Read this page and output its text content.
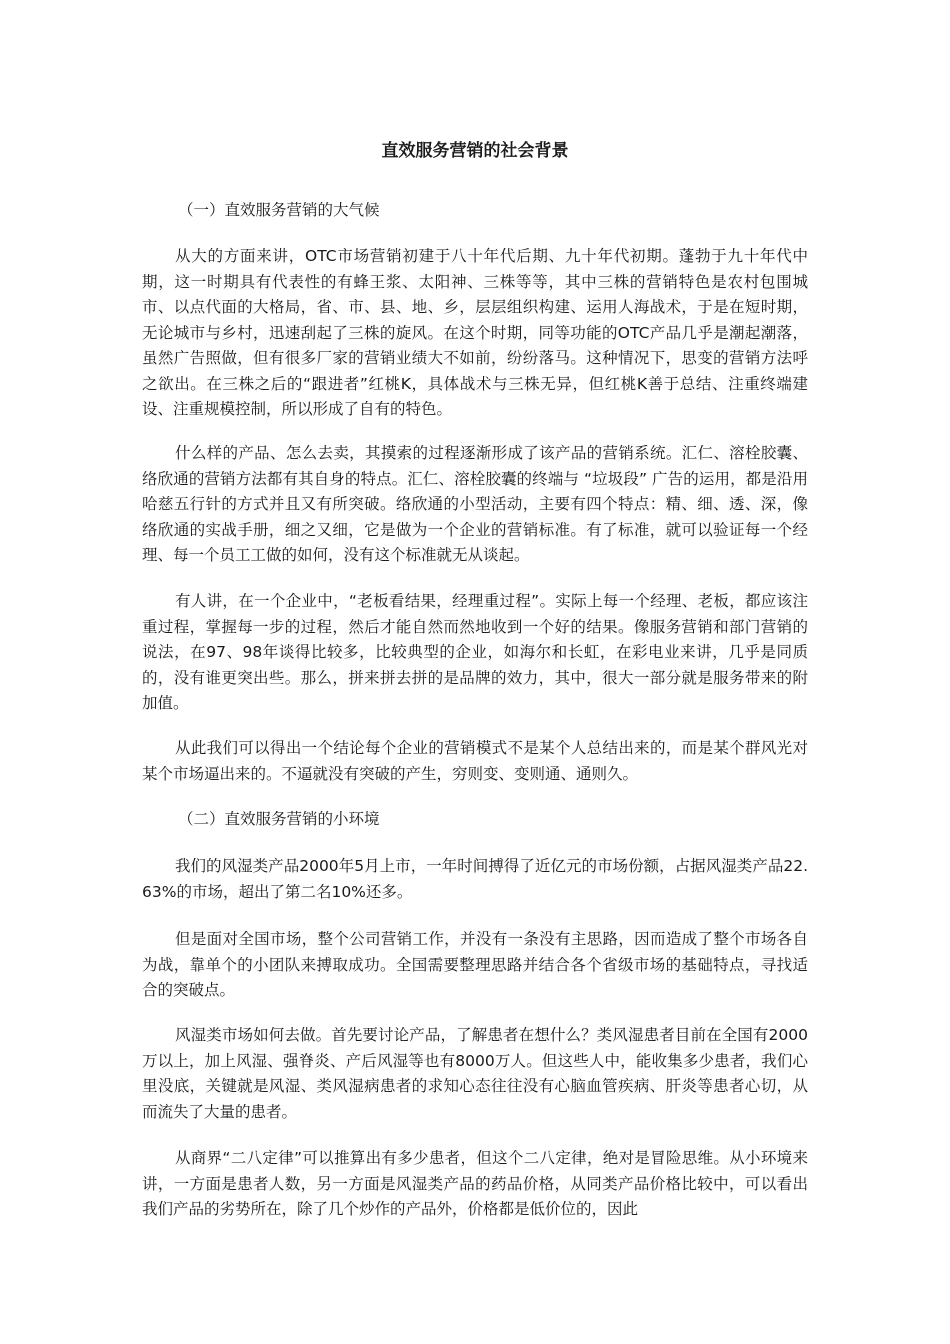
直效服务营销的社会背景

（一）直效服务营销的大气候

从大的方面来讲，OTC市场营销初建于八十年代后期、九十年代初期。蓬勃于九十年代中期，这一时期具有代表性的有蜂王浆、太阳神、三株等等，其中三株的营销特色是农村包围城市、以点代面的大格局，省、市、县、地、乡，层层组织构建、运用人海战术，于是在短时期，无论城市与乡村，迅速刮起了三株的旋风。在这个时期，同等功能的OTC产品几乎是潮起潮落，虽然广告照做，但有很多厂家的营销业绩大不如前，纷纷落马。这种情况下，思变的营销方法呼之欲出。在三株之后的“跟进者”红桃K，具体战术与三株无异，但红桃K善于总结、注重终端建设、注重规模控制，所以形成了自有的特色。

什么样的产品、怎么去卖，其摸索的过程逐渐形成了该产品的营销系统。汇仁、溶栓胶囊、络欣通的营销方法都有其自身的特点。汇仁、溶栓胶囊的终端与 “垃圾段” 广告的运用，都是沿用哈慈五行针的方式并且又有所突破。络欣通的小型活动，主要有四个特点：精、细、透、深，像络欣通的实战手册，细之又细，它是做为一个企业的营销标准。有了标准，就可以验证每一个经理、每一个员工工做的如何，没有这个标准就无从谈起。

有人讲，在一个企业中，“老板看结果，经理重过程”。实际上每一个经理、老板，都应该注重过程，掌握每一步的过程，然后才能自然而然地收到一个好的结果。像服务营销和部门营销的说法，在97、98年谈得比较多，比较典型的企业，如海尔和长虹，在彩电业来讲，几乎是同质的，没有谁更突出些。那么，拼来拼去拼的是品牌的效力，其中，很大一部分就是服务带来的附加值。

从此我们可以得出一个结论每个企业的营销模式不是某个人总结出来的，而是某个群风光对某个市场逼出来的。不逼就没有突破的产生，穷则变、变则通、通则久。

（二）直效服务营销的小环境

我们的风湿类产品2000年5月上市，一年时间搏得了近亿元的市场份额，占据风湿类产品22.63%的市场，超出了第二名10%还多。

但是面对全国市场，整个公司营销工作，并没有一条没有主思路，因而造成了整个市场各自为战，靠单个的小团队来搏取成功。全国需要整理思路并结合各个省级市场的基础特点，寻找适合的突破点。

风湿类市场如何去做。首先要讨论产品，了解患者在想什么？类风湿患者目前在全国有2000万以上，加上风湿、强脊炎、产后风湿等也有8000万人。但这些人中，能收集多少患者，我们心里没底，关键就是风湿、类风湿病患者的求知心态往往没有心脑血管疾病、肝炎等患者心切，从而流失了大量的患者。

从商界“二八定律”可以推算出有多少患者，但这个二八定律，绝对是冒险思维。从小环境来讲，一方面是患者人数，另一方面是风湿类产品的药品价格，从同类产品价格比较中，可以看出我们产品的劣势所在，除了几个炒作的产品外，价格都是低价位的，因此
